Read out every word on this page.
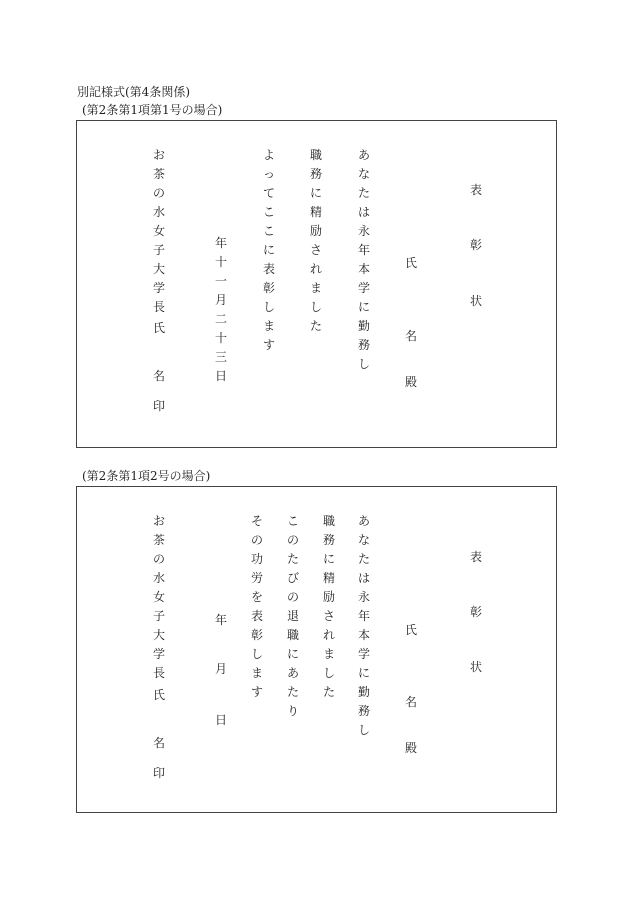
別記様式(第4条関係)
(第2条第1項第1号の場合)
表
彰
状
氏
名
殿
あ
な
た
は
永
年
本
学
に
勤
務
し
職
務
に
精
励
さ
れ
ま
し
た
よ
っ
て
こ
こ
に
表
彰
し
ま
す
年
十
一
月
二
十
三
日
お
茶
の
水
女
子
大
学
長
氏
名
印
(第2条第1項2号の場合)
表
彰
状
氏
名
殿
あ
な
た
は
永
年
本
学
に
勤
務
し
職
務
に
精
励
さ
れ
ま
し
た
こ
の
た
び
の
退
職
に
あ
た
り
そ
の
功
労
を
表
彰
し
ま
す
年
月
日
お
茶
の
水
女
子
大
学
長
氏
名
印
